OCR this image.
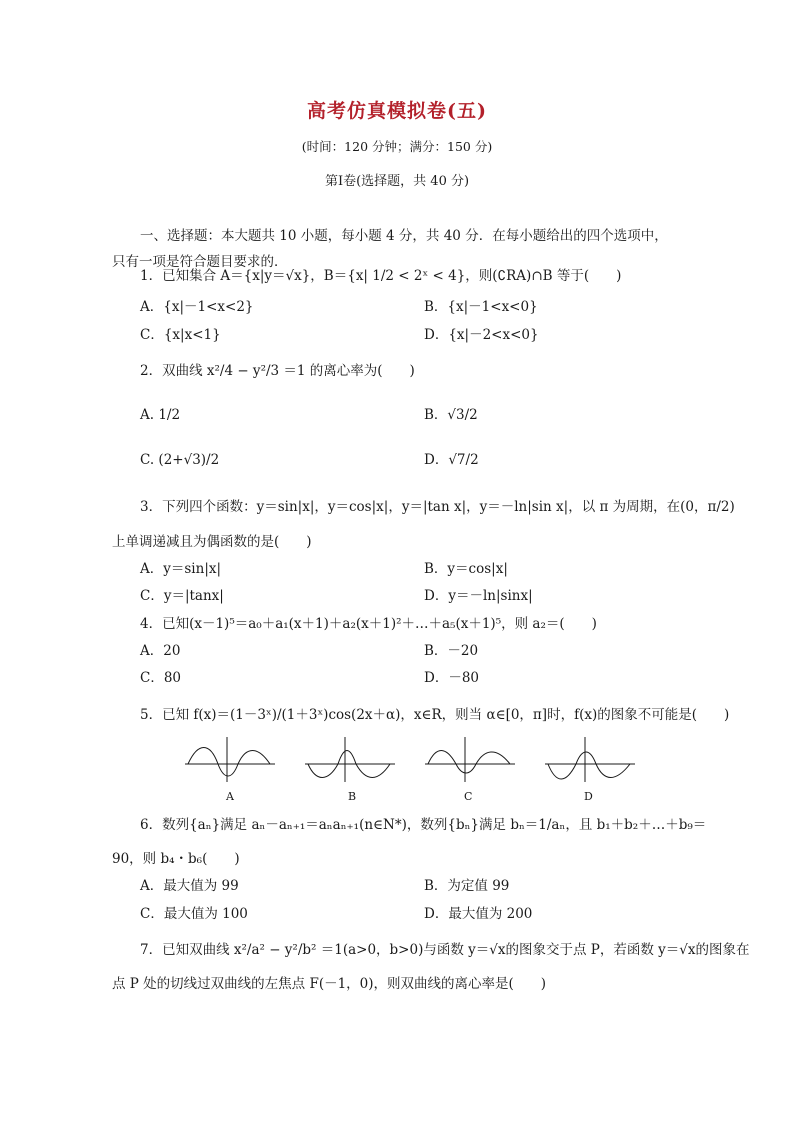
高考仿真模拟卷(五)
(时间：120 分钟；满分：150 分)
第Ⅰ卷(选择题，共 40 分)
一、选择题：本大题共 10 小题，每小题 4 分，共 40 分．在每小题给出的四个选项中，
只有一项是符合题目要求的．
1．已知集合 A＝{x|y＝√x}，B＝{x| 1/2 < 2ˣ < 4}，则(∁RA)∩B 等于(　　)
A．{x|－1<x<2}	B．{x|－1<x<0}
C．{x|x<1}	D．{x|－2<x<0}
2．双曲线 x²/4 − y²/3 ＝1 的离心率为(　　)
A. 1/2	B．√3/2
C. (2+√3)/2	D．√7/2
3．下列四个函数：y＝sin|x|，y＝cos|x|，y＝|tan x|，y＝－ln|sin x|，以 π 为周期，在(0，π/2)
上单调递减且为偶函数的是(　　)
A．y＝sin|x|	B．y＝cos|x|
C．y＝|tanx|	D．y＝－ln|sinx|
4．已知(x－1)⁵＝a₀＋a₁(x＋1)＋a₂(x＋1)²＋…＋a₅(x＋1)⁵，则 a₂＝(　　)
A．20	B．－20
C．80	D．－80
5．已知 f(x)＝(1－3ˣ)/(1＋3ˣ)cos(2x＋α)，x∈R，则当 α∈[0，π]时，f(x)的图象不可能是(　　)
A	B	C	D
6．数列{aₙ}满足 aₙ－aₙ₊₁＝aₙaₙ₊₁(n∈N*)，数列{bₙ}满足 bₙ＝1/aₙ，且 b₁＋b₂＋…＋b₉＝
90，则 b₄・b₆(　　)
A．最大值为 99	B．为定值 99
C．最大值为 100	D．最大值为 200
7．已知双曲线 x²/a² − y²/b² ＝1(a>0，b>0)与函数 y＝√x的图象交于点 P，若函数 y＝√x的图象在
点 P 处的切线过双曲线的左焦点 F(－1，0)，则双曲线的离心率是(　　)
